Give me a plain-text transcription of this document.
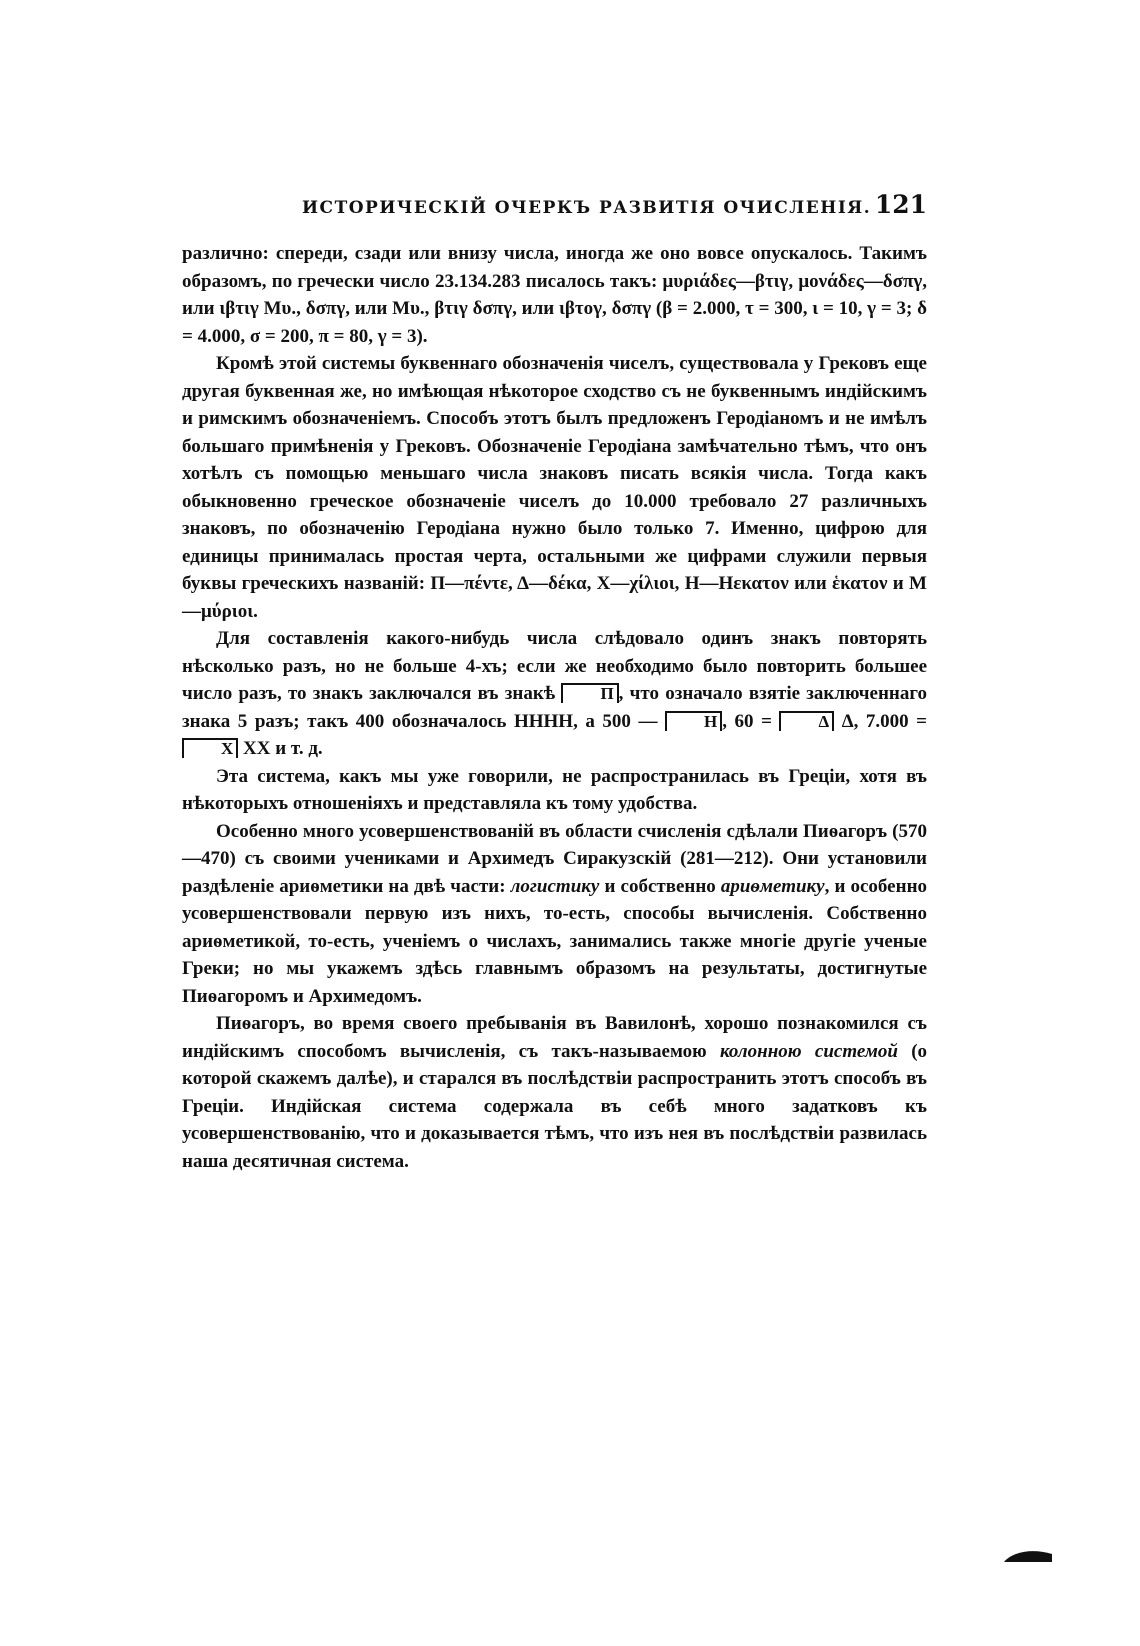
ИСТОРИЧЕСКІЙ ОЧЕРКЪ РАЗВИТІЯ ОЧИСЛЕНІЯ. 121

различно: спереди, сзади или внизу числа, иногда же оно вовсе опускалось. Такимъ образомъ, по гречески число 23.134.283 писалось такъ: μυριάδες—βτιγ, μονάδες—δσπγ, или ιβτιγ Μυ., δσπγ, или Μυ., βτιγ δσπγ, или ιβτογ, δσπγ (β = 2.000, τ = 300, ι = 10, γ = 3; δ = 4.000, σ = 200, π = 80, γ = 3).

Кромѣ этой системы буквеннаго обозначенія чиселъ, существовала у Грековъ еще другая буквенная же, но имѣющая нѣкоторое сходство съ не буквеннымъ индійскимъ и римскимъ обозначеніемъ. Способъ этотъ былъ предложенъ Геродіаномъ и не имѣлъ большаго примѣненія у Грековъ. Обозначеніе Геродіана замѣчательно тѣмъ, что онъ хотѣлъ съ помощью меньшаго числа знаковъ писать всякія числа. Тогда какъ обыкновенно греческое обозначеніе чиселъ до 10.000 требовало 27 различныхъ знаковъ, по обозначенію Геродіана нужно было только 7. Именно, цифрою для единицы принималась простая черта, остальными же цифрами служили первыя буквы греческихъ названій: Π—πέντε, Δ—δέκα, Χ—χίλιοι, Η—Ηεκατον или ἑκατον и Μ—μύριοι.

Для составленія какого-нибудь числа слѣдовало одинъ знакъ повторять нѣсколько разъ, но не больше 4-хъ; если же необходимо было повторить большее число разъ, то знакъ заключался въ знакѣ	Π , что означало взятіе заключеннаго знака 5 разъ; такъ 400 обозначалось ΗΗΗΗ, а 500 —	Η , 60 =	Δ Δ, 7.000 = Χ ΧΧ и т. д.

Эта система, какъ мы уже говорили, не распространилась въ Греціи, хотя въ нѣкоторыхъ отношеніяхъ и представляла къ тому удобства.

Особенно много усовершенствованій въ области счисленія сдѣлали Пиѳагоръ (570—470) съ своими учениками и Архимедъ Сиракузскій (281—212). Они установили раздѣленіе ариѳметики на двѣ части: логистику и собственно ариѳметику, и особенно усовершенствовали первую изъ нихъ, то-есть, способы вычисленія. Собственно ариѳметикой, то-есть, ученіемъ о числахъ, занимались также многіе другіе ученые Греки; но мы укажемъ здѣсь главнымъ образомъ на результаты, достигнутые Пиѳагоромъ и Архимедомъ.

Пиѳагоръ, во время своего пребыванія въ Вавилонѣ, хорошо познакомился съ индійскимъ способомъ вычисленія, съ такъ-называемою колонною системой (о которой скажемъ далѣе), и старался въ послѣдствіи распространить этотъ способъ въ Греціи. Индійская система содержала въ себѣ много задатковъ къ усовершенствованію, что и доказывается тѣмъ, что изъ нея въ послѣдствіи развилась наша десятичная система.
